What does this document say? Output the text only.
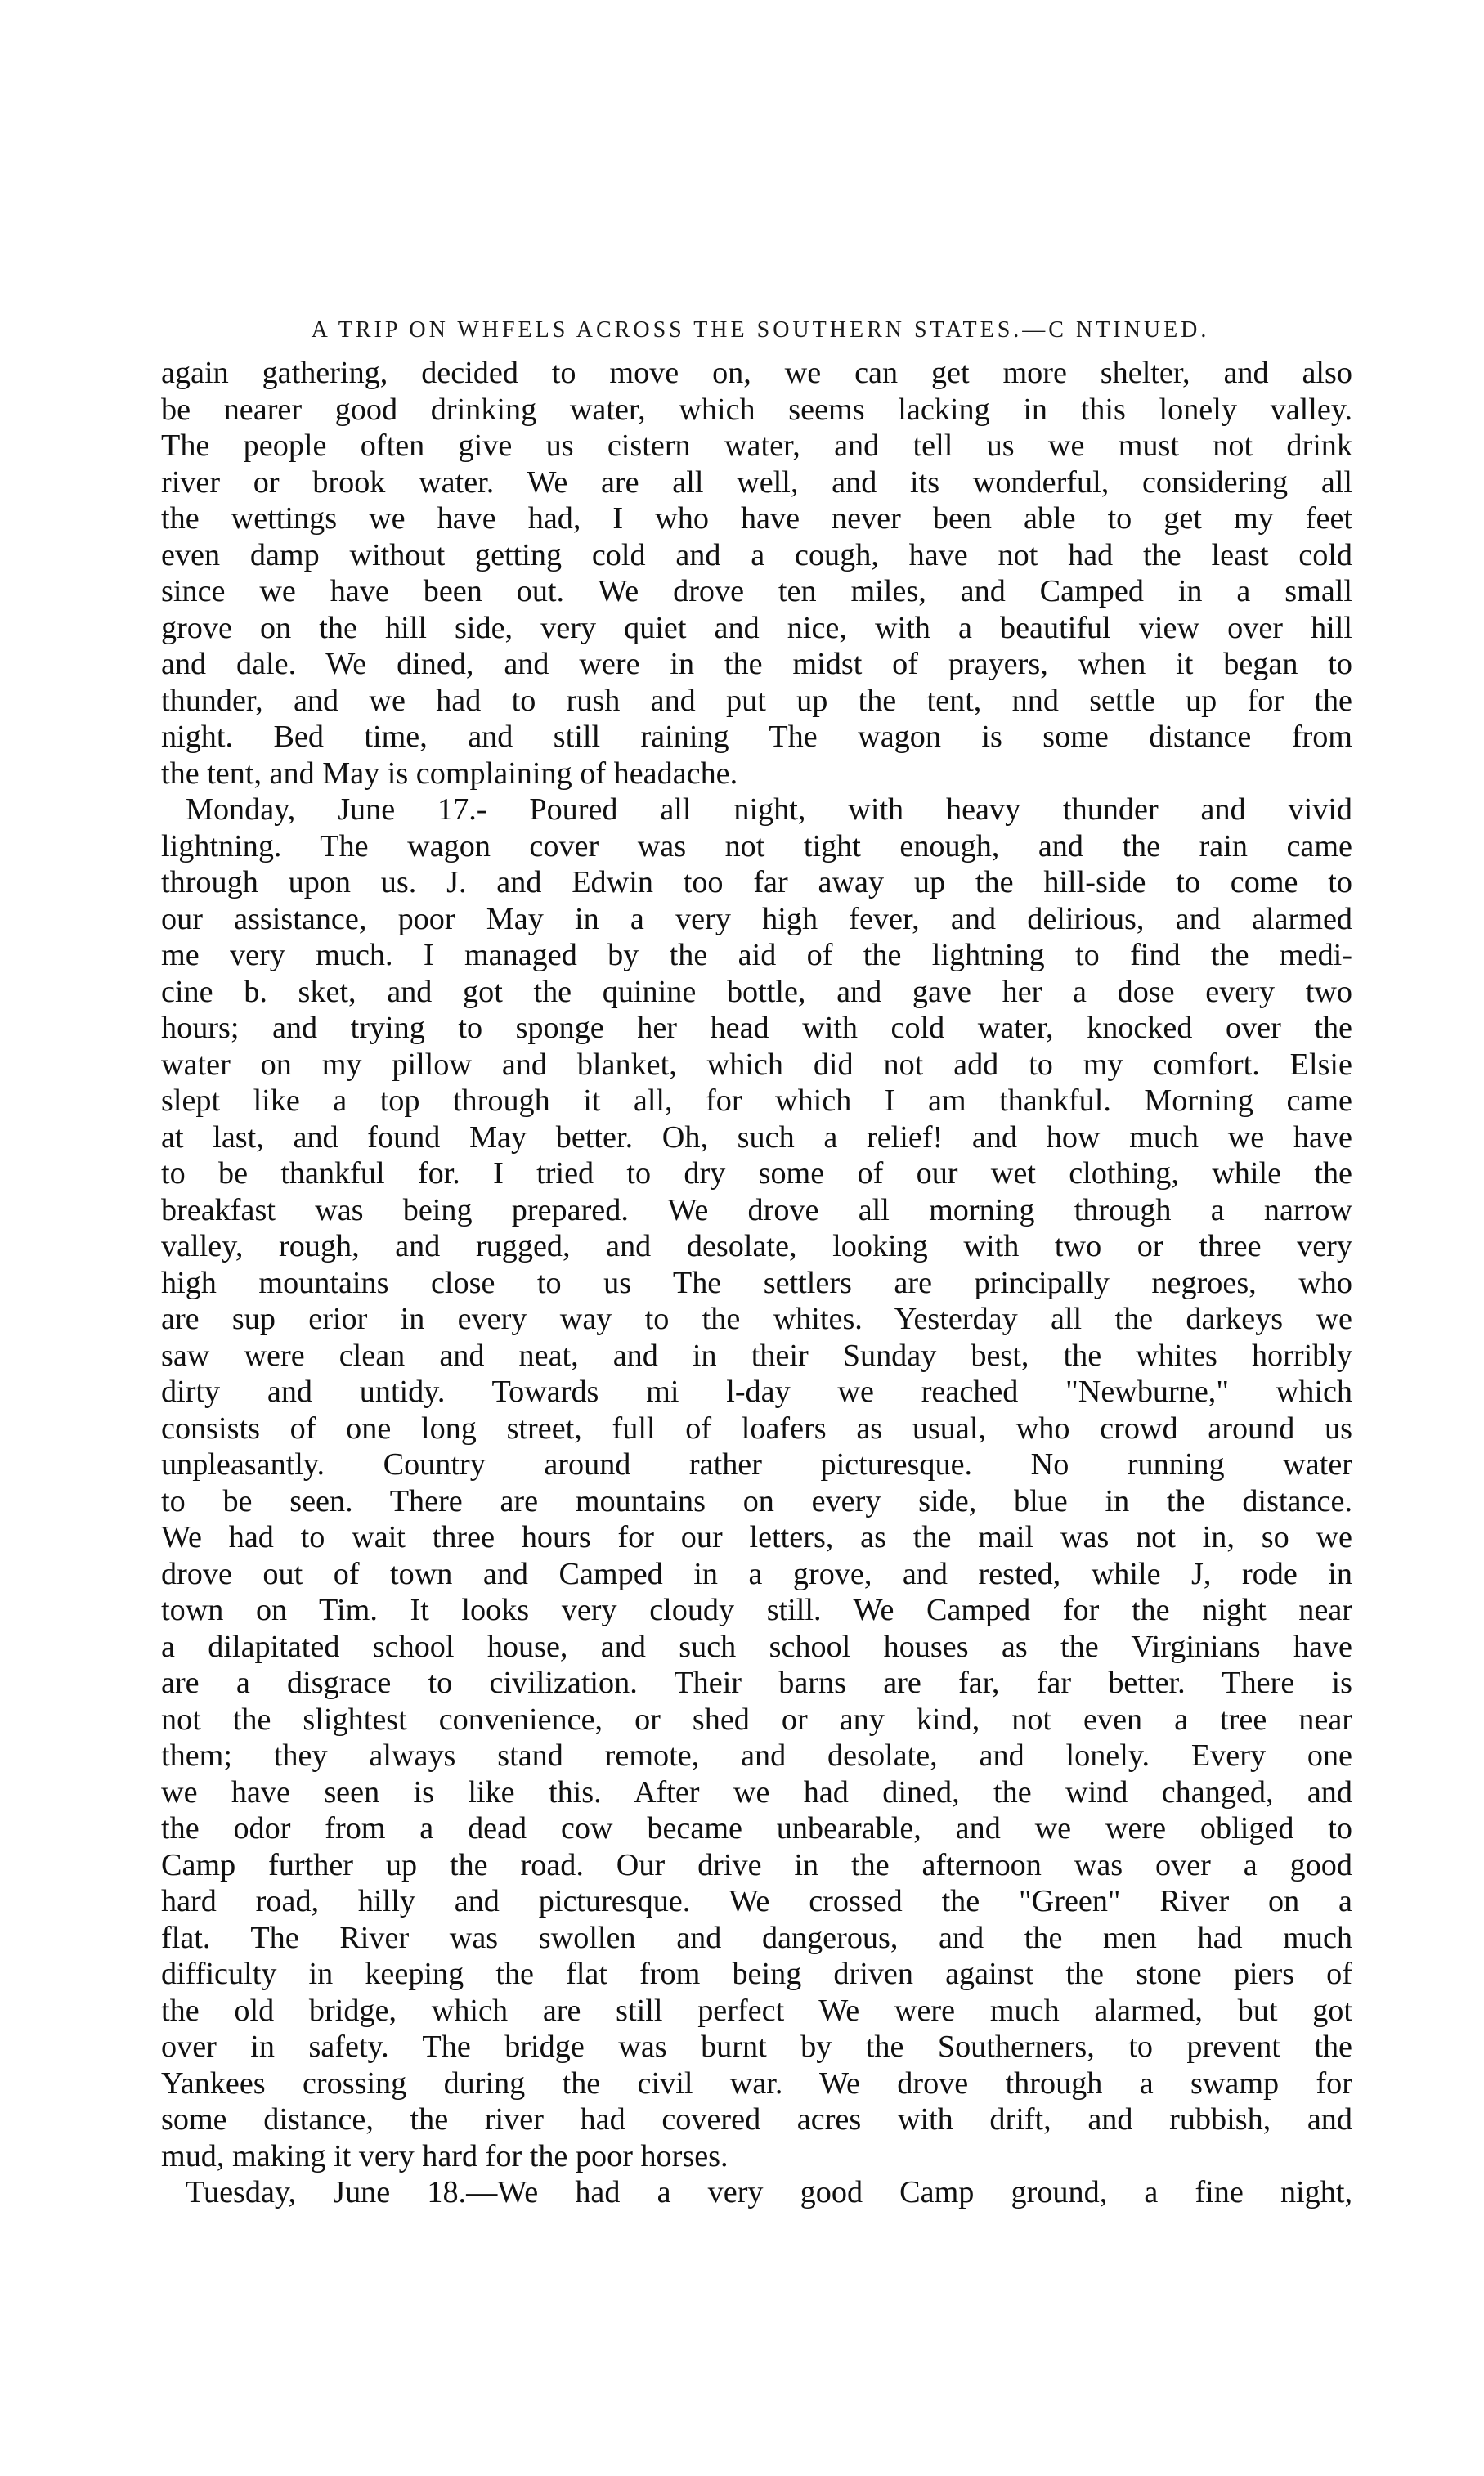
A TRIP ON WHFELS ACROSS THE SOUTHERN STATES.—C NTINUED.
again gathering, decided to move on, we can get more shelter, and also
be nearer good drinking water, which seems lacking in this lonely valley.
The people often give us cistern water, and tell us we must not drink
river or brook water. We are all well, and its wonderful, considering all
the wettings we have had, I who have never been able to get my feet
even damp without getting cold and a cough, have not had the least cold
since we have been out. We drove ten miles, and Camped in a small
grove on the hill side, very quiet and nice, with a beautiful view over hill
and dale. We dined, and were in the midst of prayers, when it began to
thunder, and we had to rush and put up the tent, nnd settle up for the
night. Bed time, and still raining The wagon is some distance from
the tent, and May is complaining of headache.
Monday, June 17.- Poured all night, with heavy thunder and vivid
lightning. The wagon cover was not tight enough, and the rain came
through upon us. J. and Edwin too far away up the hill-side to come to
our assistance, poor May in a very high fever, and delirious, and alarmed
me very much. I managed by the aid of the lightning to find the medi-
cine b. sket, and got the quinine bottle, and gave her a dose every two
hours; and trying to sponge her head with cold water, knocked over the
water on my pillow and blanket, which did not add to my comfort. Elsie
slept like a top through it all, for which I am thankful. Morning came
at last, and found May better. Oh, such a relief! and how much we have
to be thankful for. I tried to dry some of our wet clothing, while the
breakfast was being prepared. We drove all morning through a narrow
valley, rough, and rugged, and desolate, looking with two or three very
high mountains close to us The settlers are principally negroes, who
are sup erior in every way to the whites. Yesterday all the darkeys we
saw were clean and neat, and in their Sunday best, the whites horribly
dirty and untidy. Towards mi l-day we reached "Newburne," which
consists of one long street, full of loafers as usual, who crowd around us
unpleasantly. Country around rather picturesque. No running water
to be seen. There are mountains on every side, blue in the distance.
We had to wait three hours for our letters, as the mail was not in, so we
drove out of town and Camped in a grove, and rested, while J, rode in
town on Tim. It looks very cloudy still. We Camped for the night near
a dilapitated school house, and such school houses as the Virginians have
are a disgrace to civilization. Their barns are far, far better. There is
not the slightest convenience, or shed or any kind, not even a tree near
them; they always stand remote, and desolate, and lonely. Every one
we have seen is like this. After we had dined, the wind changed, and
the odor from a dead cow became unbearable, and we were obliged to
Camp further up the road. Our drive in the afternoon was over a good
hard road, hilly and picturesque. We crossed the "Green" River on a
flat. The River was swollen and dangerous, and the men had much
difficulty in keeping the flat from being driven against the stone piers of
the old bridge, which are still perfect We were much alarmed, but got
over in safety. The bridge was burnt by the Southerners, to prevent the
Yankees crossing during the civil war. We drove through a swamp for
some distance, the river had covered acres with drift, and rubbish, and
mud, making it very hard for the poor horses.
Tuesday, June 18.—We had a very good Camp ground, a fine night,
